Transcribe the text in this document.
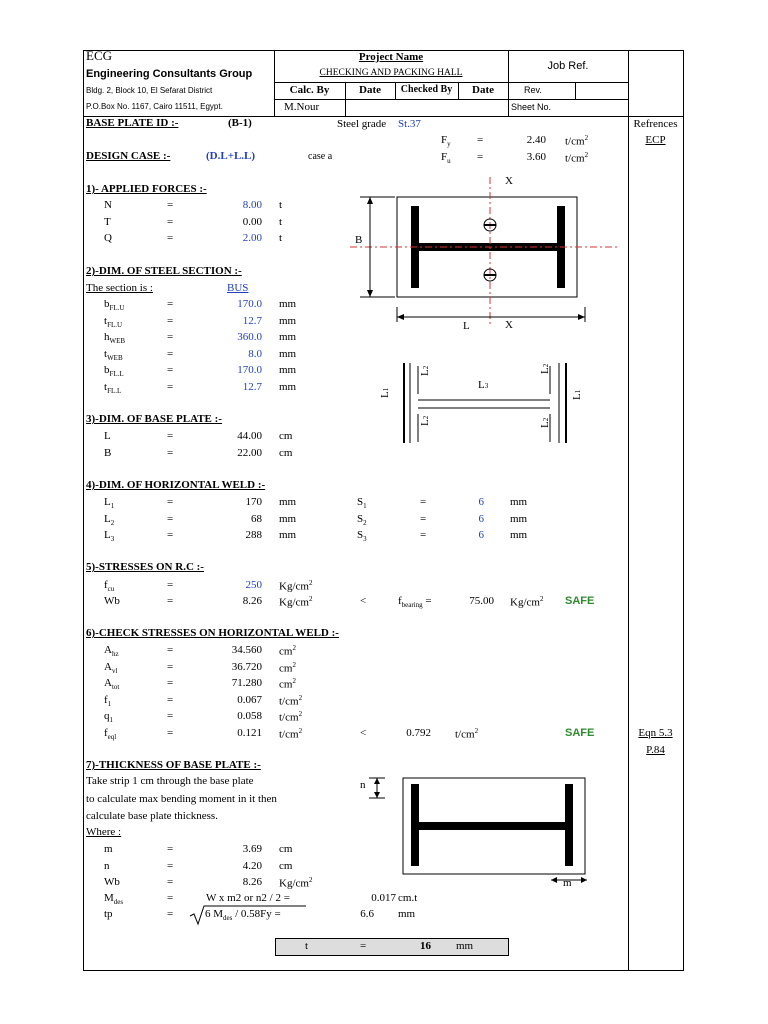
ECG
Engineering Consultants Group
Bldg. 2, Block 10, El Sefarat District
P.O.Box No. 1167, Cairo 11511, Egypt.
Project Name
CHECKING AND PACKING HALL
Calc. By	Date	Checked By	Date
M.Nour
Job Ref.
Rev.
Sheet No.
Refrences
ECP
Eqn 5.3
P.84
BASE PLATE ID :-	(B-1)	Steel grade St.37
$F_y$ =	2.40 $t/cm^2$
$F_u$ =	3.60 $t/cm^2$
DESIGN CASE :-	(D.L+L.L)	case a
1)- APPLIED FORCES :-
N	=	8.00 t
T	=	0.00 t
Q	=	2.00 t
2)-DIM. OF STEEL SECTION :-
The section is :	BUS
$b_{FL.U}$	=	170.0 mm
$t_{FL.U}$	=	12.7 mm
$h_{WEB}$	=	360.0 mm
$t_{WEB}$	=	8.0 mm
$b_{FL.L}$	=	170.0 mm
$t_{FL.L}$	=	12.7 mm
3)-DIM. OF BASE PLATE :-
L	=	44.00 cm
B	=	22.00 cm
4)-DIM. OF HORIZONTAL WELD :-
$L_1$	=	170 mm	$S_1$	=	6 mm
$L_2$	=	68 mm	$S_2$	=	6 mm
$L_3$	=	288 mm	$S_3$	=	6 mm
5)-STRESSES ON R.C :-
$f_{cu}$	=	250 $Kg/cm^2$
Wb	=	8.26 $Kg/cm^2$	<	$f_{bearing}$ =	75.00 $Kg/cm^2$ SAFE
6)-CHECK STRESSES ON HORIZONTAL WELD :-
$A_{hz}$	=	34.560 $cm^2$
$A_{vl}$	=	36.720 $cm^2$
$A_{tot}$	=	71.280 $cm^2$
$f_1$	=	0.067 $t/cm^2$
$q_1$	=	0.058 $t/cm^2$
$f_{eql}$	=	0.121 $t/cm^2$	<	0.792 $t/cm^2$	SAFE
7)-THICKNESS OF BASE PLATE :-
Take strip 1 cm through the base plate
to calculate max bending moment in it then
calculate base plate thickness.
Where :
m	=	3.69 cm
n	=	4.20 cm
Wb	=	8.26 $Kg/cm^2$
$M_{des}$	=	W x m2 or n2 / 2 =	0.017 cm.t
tp	=	6 $M_{des} / 0.58Fy$ =	6.6 mm
t	=	16 mm
B
L
X
X
L1
L2
L2
L3
L2
L2
L1
n
m
